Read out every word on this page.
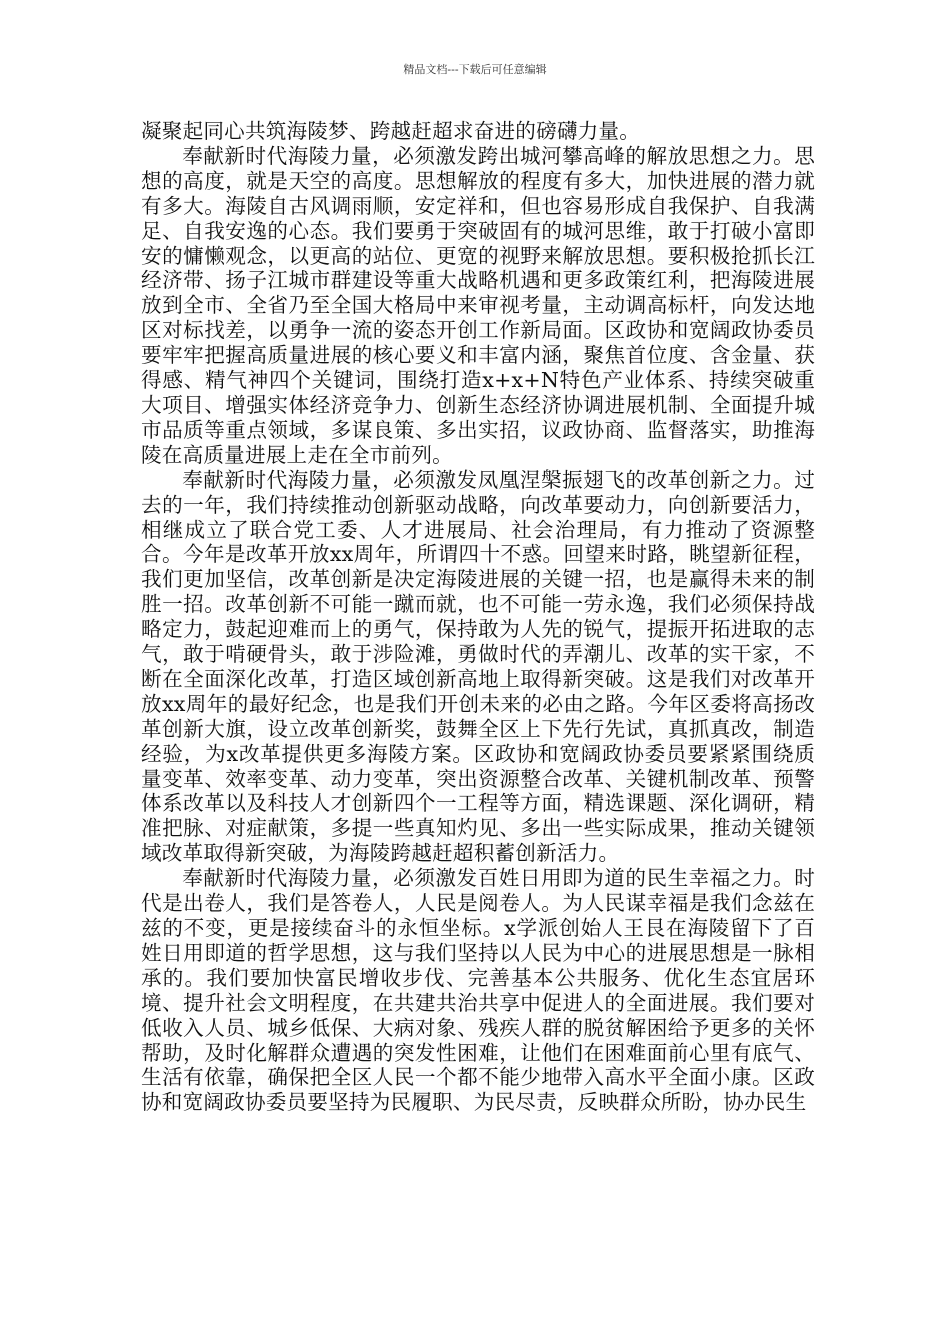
精品文档---下载后可任意编辑

凝聚起同心共筑海陵梦、跨越赶超求奋进的磅礴力量。

奉献新时代海陵力量，必须激发跨出城河攀高峰的解放思想之力。思想的高度，就是天空的高度。思想解放的程度有多大，加快进展的潜力就有多大。海陵自古风调雨顺，安定祥和，但也容易形成自我保护、自我满足、自我安逸的心态。我们要勇于突破固有的城河思维，敢于打破小富即安的慵懒观念，以更高的站位、更宽的视野来解放思想。要积极抢抓长江经济带、扬子江城市群建设等重大战略机遇和更多政策红利，把海陵进展放到全市、全省乃至全国大格局中来审视考量，主动调高标杆，向发达地区对标找差，以勇争一流的姿态开创工作新局面。区政协和宽阔政协委员要牢牢把握高质量进展的核心要义和丰富内涵，聚焦首位度、含金量、获得感、精气神四个关键词，围绕打造x+x+N特色产业体系、持续突破重大项目、增强实体经济竞争力、创新生态经济协调进展机制、全面提升城市品质等重点领域，多谋良策、多出实招，议政协商、监督落实，助推海陵在高质量进展上走在全市前列。

奉献新时代海陵力量，必须激发凤凰涅槃振翅飞的改革创新之力。过去的一年，我们持续推动创新驱动战略，向改革要动力，向创新要活力，相继成立了联合党工委、人才进展局、社会治理局，有力推动了资源整合。今年是改革开放xx周年，所谓四十不惑。回望来时路，眺望新征程，我们更加坚信，改革创新是决定海陵进展的关键一招，也是赢得未来的制胜一招。改革创新不可能一蹴而就，也不可能一劳永逸，我们必须保持战略定力，鼓起迎难而上的勇气，保持敢为人先的锐气，提振开拓进取的志气，敢于啃硬骨头，敢于涉险滩，勇做时代的弄潮儿、改革的实干家，不断在全面深化改革，打造区域创新高地上取得新突破。这是我们对改革开放xx周年的最好纪念，也是我们开创未来的必由之路。今年区委将高扬改革创新大旗，设立改革创新奖，鼓舞全区上下先行先试，真抓真改，制造经验，为x改革提供更多海陵方案。区政协和宽阔政协委员要紧紧围绕质量变革、效率变革、动力变革，突出资源整合改革、关键机制改革、预警体系改革以及科技人才创新四个一工程等方面，精选课题、深化调研，精准把脉、对症献策，多提一些真知灼见、多出一些实际成果，推动关键领域改革取得新突破，为海陵跨越赶超积蓄创新活力。

奉献新时代海陵力量，必须激发百姓日用即为道的民生幸福之力。时代是出卷人，我们是答卷人，人民是阅卷人。为人民谋幸福是我们念兹在兹的不变，更是接续奋斗的永恒坐标。x学派创始人王艮在海陵留下了百姓日用即道的哲学思想，这与我们坚持以人民为中心的进展思想是一脉相承的。我们要加快富民增收步伐、完善基本公共服务、优化生态宜居环境、提升社会文明程度，在共建共治共享中促进人的全面进展。我们要对低收入人员、城乡低保、大病对象、残疾人群的脱贫解困给予更多的关怀帮助，及时化解群众遭遇的突发性困难，让他们在困难面前心里有底气、生活有依靠，确保把全区人民一个都不能少地带入高水平全面小康。区政协和宽阔政协委员要坚持为民履职、为民尽责，反映群众所盼，协办民生
